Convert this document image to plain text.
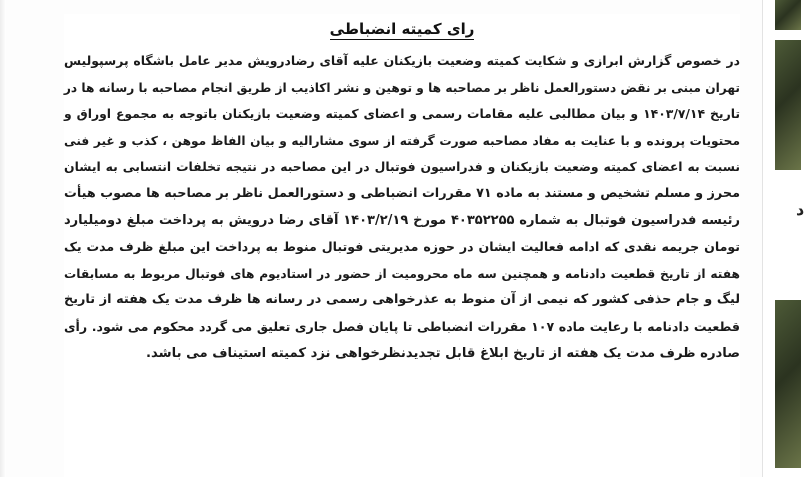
رای کمیته انضباطی
در خصوص گزارش ابرازی و شکایت کمیته وضعیت بازیکنان علیه آقای رضادرویش مدیر عامل باشگاه پرسپولیس
تهران مبنی بر نقض دستورالعمل ناظر بر مصاحبه ها و توهین و نشر اکاذیب از طریق انجام مصاحبه با رسانه ها در
تاریخ ۱۴۰۳/۷/۱۴ و بیان مطالبی علیه مقامات رسمی و اعضای کمیته وضعیت بازیکنان باتوجه به مجموع اوراق و
محتویات پرونده و با عنایت به مفاد مصاحبه صورت گرفته از سوی مشارالیه و بیان الفاظ موهن ، کذب و غیر فنی
نسبت به اعضای کمیته وضعیت بازیکنان و فدراسیون فوتبال در این مصاحبه در نتیجه تخلفات انتسابی به ایشان
محرز و مسلم تشخیص و مستند به ماده ۷۱ مقررات انضباطی و دستورالعمل ناظر بر مصاحبه ها مصوب هیأت
رئیسه فدراسیون فوتبال به شماره ۴۰۳۵۲۲۵۵ مورخ ۱۴۰۳/۲/۱۹ آقای رضا درویش به پرداخت مبلغ دومیلیارد
تومان جریمه نقدی که ادامه فعالیت ایشان در حوزه مدیریتی فوتبال منوط به پرداخت این مبلغ ظرف مدت یک
هفته از تاریخ قطعیت دادنامه و همچنین سه ماه محرومیت از حضور در استادیوم های فوتبال مربوط به مسابقات
لیگ و جام حذفی کشور که نیمی از آن منوط به عذرخواهی رسمی در رسانه ها ظرف مدت یک هفته از تاریخ
قطعیت دادنامه با رعایت ماده ۱۰۷ مقررات انضباطی تا پایان فصل جاری تعلیق می گردد محکوم می شود. رأی
صادره ظرف مدت یک هفته از تاریخ ابلاغ قابل تجدیدنظرخواهی نزد کمیته استیناف می باشد.
د
